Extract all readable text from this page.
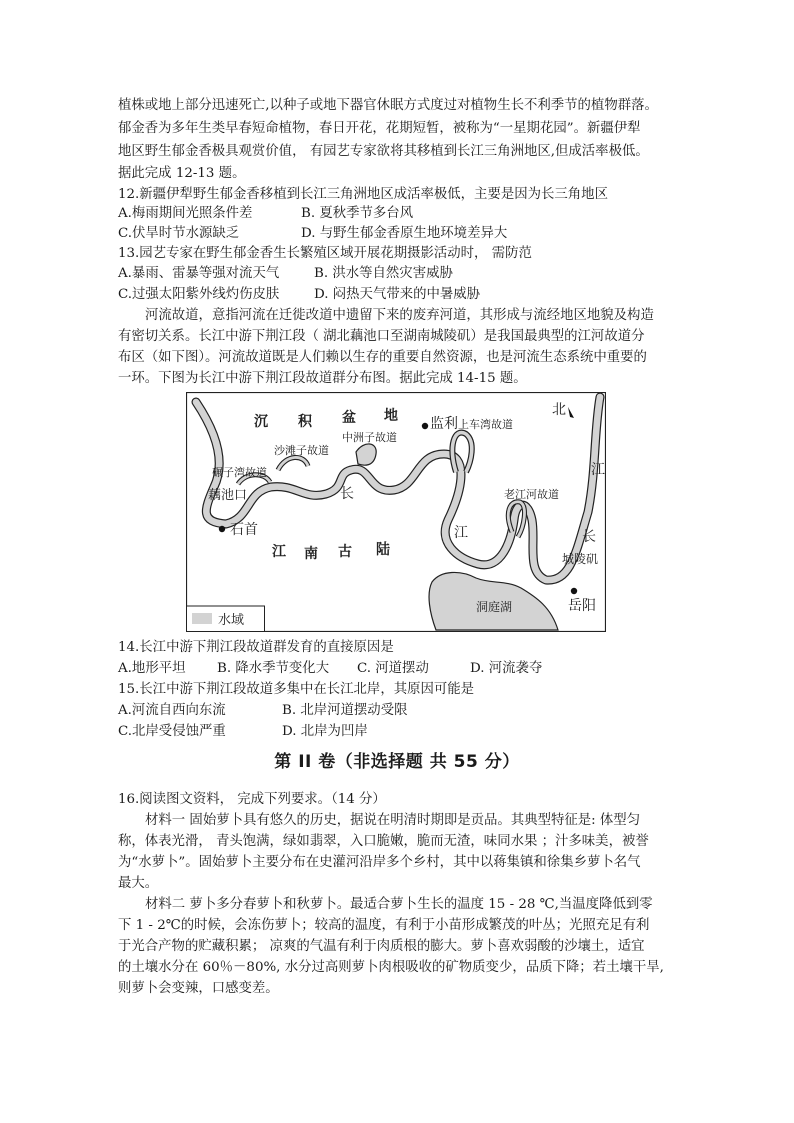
植株或地上部分迅速死亡,以种子或地下器官休眠方式度过对植物生长不利季节的植物群落。
郁金香为多年生类早春短命植物，春日开花，花期短暂，被称为“一星期花园”。新疆伊犁
地区野生郁金香极具观赏价值， 有园艺专家欲将其移植到长江三角洲地区,但成活率极低。
据此完成 12-13 题。
12.新疆伊犁野生郁金香移植到长江三角洲地区成活率极低，主要是因为长三角地区
A.梅雨期间光照条件差	B. 夏秋季节多台风
C.伏旱时节水源缺乏	D. 与野生郁金香原生地环境差异大
13.园艺专家在野生郁金香生长繁殖区域开展花期摄影活动时， 需防范
A.暴雨、雷暴等强对流天气	B. 洪水等自然灾害威胁
C.过强太阳紫外线灼伤皮肤	D. 闷热天气带来的中暑威胁
河流故道，意指河流在迁徙改道中遗留下来的废弃河道，其形成与流经地区地貌及构造
有密切关系。长江中游下荆江段（ 湖北藕池口至湖南城陵矶）是我国最典型的江河故道分
布区（如下图）。河流故道既是人们赖以生存的重要自然资源，也是河流生态系统中重要的
一环。下图为长江中游下荆江段故道群分布图。据此完成 14-15 题。
水域
北
沉 积 盆 地 监利 上车湾故道
中洲子故道
沙滩子故道
碾子湾故道
藕池口
石首
长
江
老江河故道
江
长
城陵矶
岳阳
洞庭湖
江 南 古 陆
14.长江中游下荆江段故道群发育的直接原因是
A.地形平坦 B. 降水季节变化大 C. 河道摆动	D. 河流袭夺
15.长江中游下荆江段故道多集中在长江北岸，其原因可能是
A.河流自西向东流	B. 北岸河道摆动受限
C.北岸受侵蚀严重	D. 北岸为凹岸
第 II 卷（非选择题 共 55 分）
16.阅读图文资料， 完成下列要求。（14 分）
材料一 固始萝卜具有悠久的历史，据说在明清时期即是贡品。其典型特征是: 体型匀
称，体表光滑， 青头饱满，绿如翡翠，入口脆嫩，脆而无渣，味同水果 ；汁多味美，被誉
为“水萝卜”。固始萝卜主要分布在史灌河沿岸多个乡村，其中以蒋集镇和徐集乡萝卜名气
最大。
材料二 萝卜多分春萝卜和秋萝卜。最适合萝卜生长的温度 15 - 28 ℃,当温度降低到零
下 1 - 2℃的时候，会冻伤萝卜；较高的温度，有利于小苗形成繁茂的叶丛；光照充足有利
于光合产物的贮藏积累； 凉爽的气温有利于肉质根的膨大。萝卜喜欢弱酸的沙壤土，适宜
的土壤水分在 60％－80%, 水分过高则萝卜肉根吸收的矿物质变少，品质下降；若土壤干旱,
则萝卜会变辣，口感变差。
